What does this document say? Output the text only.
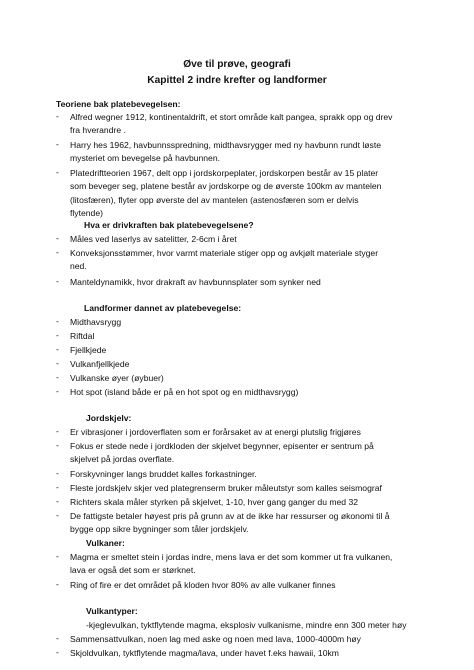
Øve til prøve, geografi
Kapittel 2 indre krefter og landformer
Teoriene bak platebevegelsen:
- Alfred wegner 1912, kontinentaldrift, et stort område kalt pangea, sprakk opp og drev
fra hverandre .
- Harry hes 1962, havbunnsspredning, midthavsrygger med ny havbunn rundt løste
mysteriet om bevegelse på havbunnen.
- Platedriftteorien 1967, delt opp i jordskorpeplater, jordskorpen består av 15 plater
som beveger seg, platene består av jordskorpe og de øverste 100km av mantelen
(litosfæren), flyter opp øverste del av mantelen (astenosfæren som er delvis
flytende)
Hva er drivkraften bak platebevegelsene?
- Måles ved laserlys av satelitter, 2-6cm i året
- Konveksjonsstømmer, hvor varmt materiale stiger opp og avkjølt materiale styger
ned.
- Manteldynamikk, hvor drakraft av havbunnsplater som synker ned
Landformer dannet av platebevegelse:
- Midthavsrygg
- Riftdal
- Fjellkjede
- Vulkanfjellkjede
- Vulkanske øyer (øybuer)
- Hot spot (island både er på en hot spot og en midthavsrygg)
Jordskjelv:
- Er vibrasjoner i jordoverflaten som er forårsaket av at energi plutslig frigjøres
- Fokus er stede nede i jordkloden der skjelvet begynner, episenter er sentrum på
skjelvet på jordas overflate.
- Forskyvninger langs bruddet kalles forkastninger.
- Fleste jordskjelv skjer ved plategrenserm bruker måleutstyr som kalles seismograf
- Richters skala måler styrken på skjelvet, 1-10, hver gang ganger du med 32
- De fattigste betaler høyest pris på grunn av at de ikke har ressurser og økonomi til å
bygge opp sikre bygninger som tåler jordskjelv.
Vulkaner:
- Magma er smeltet stein i jordas indre, mens lava er det som kommer ut fra vulkanen,
lava er også det som er størknet.
- Ring of fire er det området på kloden hvor 80% av alle vulkaner finnes
Vulkantyper:
-kjeglevulkan, tyktflytende magma, eksplosiv vulkanisme, mindre enn 300 meter høy
- Sammensattvulkan, noen lag med aske og noen med lava, 1000-4000m høy
- Skjoldvulkan, tyktflytende magma/lava, under havet f.eks hawaii, 10km
